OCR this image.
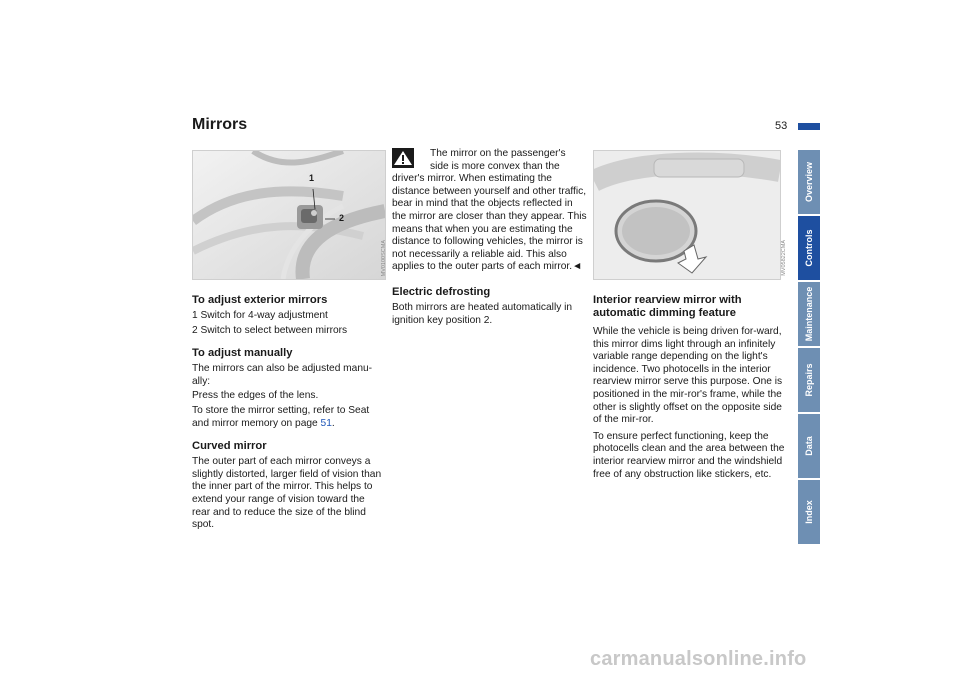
Mirrors	53
1
2
MV0100SCMA
To adjust exterior mirrors

1 Switch for 4-way adjustment

2 Switch to select between mirrors

To adjust manually

The mirrors can also be adjusted manu-ally:

Press the edges of the lens.

To store the mirror setting, refer to Seat and mirror memory on page 51.

Curved mirror

The outer part of each mirror conveys a slightly distorted, larger field of vision than the inner part of the mirror. This helps to extend your range of vision toward the rear and to reduce the size of the blind spot.

The mirror on the passenger's

side is more convex than the

driver's mirror. When estimating the distance between yourself and other traffic, bear in mind that the objects reflected in the mirror are closer than they appear. This means that when you are estimating the distance to following vehicles, the mirror is not necessarily a reliable aid. This also applies to the outer parts of each mirror.◄

Electric defrosting

Both mirrors are heated automatically in ignition key position 2.

MV05822CMA
Interior rearview mirror with automatic dimming feature

While the vehicle is being driven for-ward, this mirror dims light through an infinitely variable range depending on the light's incidence. Two photocells in the interior rearview mirror serve this purpose. One is positioned in the mir-ror's frame, while the other is slightly offset on the opposite side of the mir-ror.

To ensure perfect functioning, keep the photocells clean and the area between the interior rearview mirror and the windshield free of any obstruction like stickers, etc.

Overview
Controls
Maintenance
Repairs
Data
Index
carmanualsonline.info
